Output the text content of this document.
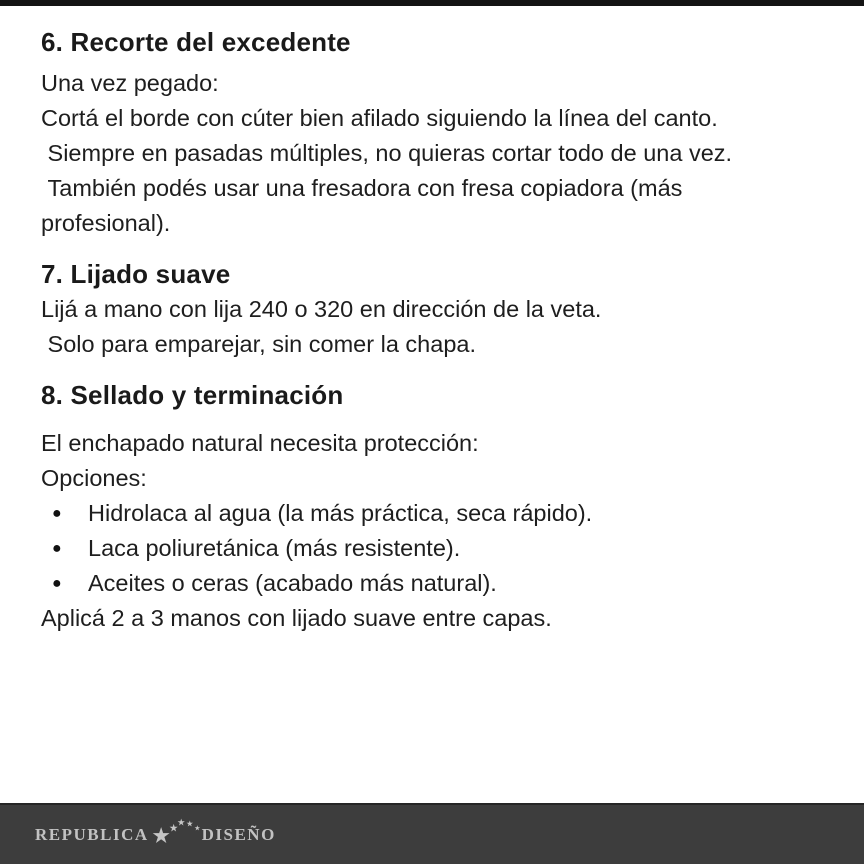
6. Recorte del excedente
Una vez pegado:
Cortá el borde con cúter bien afilado siguiendo la línea del canto.
Siempre en pasadas múltiples, no quieras cortar todo de una vez.
También podés usar una fresadora con fresa copiadora (más
profesional).
7. Lijado suave
Lijá a mano con lija 240 o 320 en dirección de la veta.
Solo para emparejar, sin comer la chapa.
8. Sellado y terminación
El enchapado natural necesita protección:
Opciones:
●	Hidrolaca al agua (la más práctica, seca rápido).
●	Laca poliuretánica (más resistente).
●	Aceites o ceras (acabado más natural).
Aplicá 2 a 3 manos con lijado suave entre capas.
REPUBLICA ★
★
★ ★
★ DISEÑO
